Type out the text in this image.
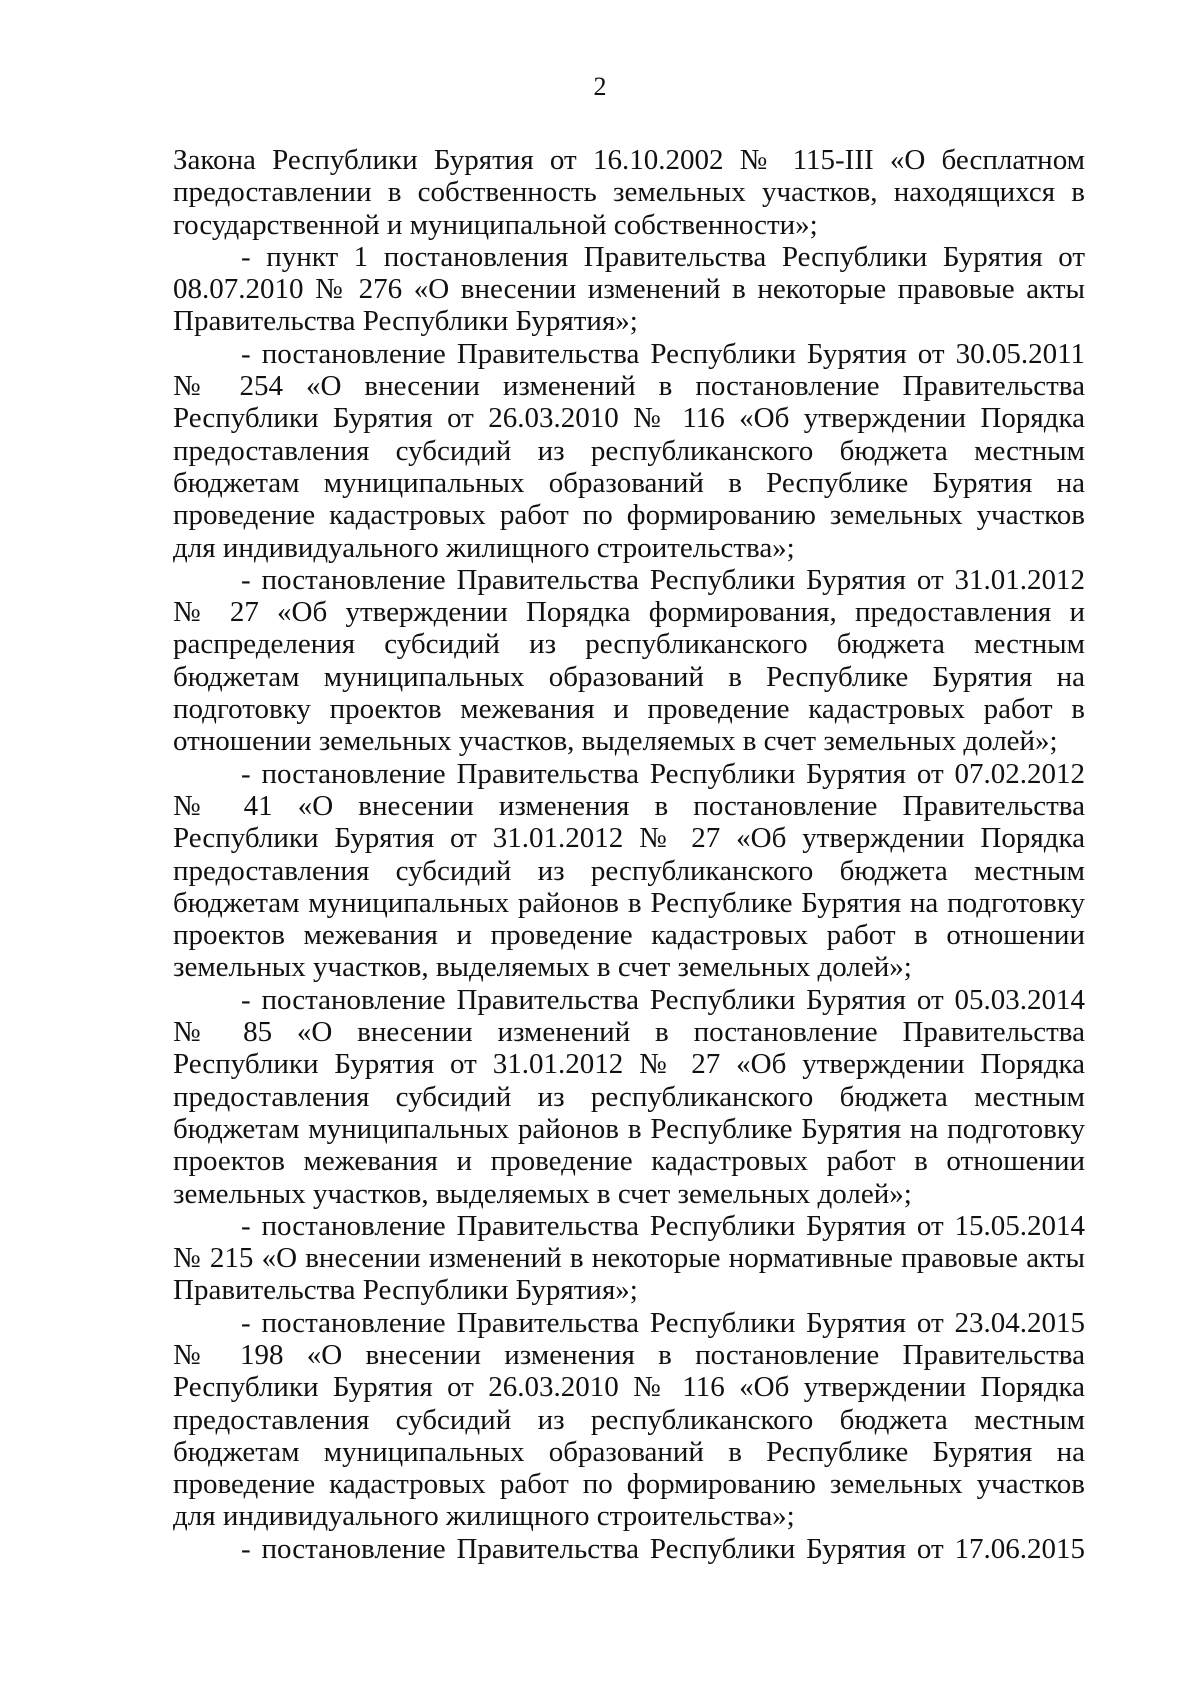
2

Закона Республики Бурятия от 16.10.2002 № 115-III «О бесплатном предоставлении в собственность земельных участков, находящихся в государственной и муниципальной собственности»;

- пункт 1 постановления Правительства Республики Бурятия от 08.07.2010 № 276 «О внесении изменений в некоторые правовые акты Правительства Республики Бурятия»;

- постановление Правительства Республики Бурятия от 30.05.2011 № 254 «О внесении изменений в постановление Правительства Республики Бурятия от 26.03.2010 № 116 «Об утверждении Порядка предоставления субсидий из республиканского бюджета местным бюджетам муниципальных образований в Республике Бурятия на проведение кадастровых работ по формированию земельных участков для индивидуального жилищного строительства»;

- постановление Правительства Республики Бурятия от 31.01.2012 № 27 «Об утверждении Порядка формирования, предоставления и распределения субсидий из республиканского бюджета местным бюджетам муниципальных образований в Республике Бурятия на подготовку проектов межевания и проведение кадастровых работ в отношении земельных участков, выделяемых в счет земельных долей»;

- постановление Правительства Республики Бурятия от 07.02.2012 № 41 «О внесении изменения в постановление Правительства Республики Бурятия от 31.01.2012 № 27 «Об утверждении Порядка предоставления субсидий из республиканского бюджета местным бюджетам муниципальных районов в Республике Бурятия на подготовку проектов межевания и проведение кадастровых работ в отношении земельных участков, выделяемых в счет земельных долей»;

- постановление Правительства Республики Бурятия от 05.03.2014 № 85 «О внесении изменений в постановление Правительства Республики Бурятия от 31.01.2012 № 27 «Об утверждении Порядка предоставления субсидий из республиканского бюджета местным бюджетам муниципальных районов в Республике Бурятия на подготовку проектов межевания и проведение кадастровых работ в отношении земельных участков, выделяемых в счет земельных долей»;

- постановление Правительства Республики Бурятия от 15.05.2014 № 215 «О внесении изменений в некоторые нормативные правовые акты Правительства Республики Бурятия»;

- постановление Правительства Республики Бурятия от 23.04.2015 № 198 «О внесении изменения в постановление Правительства Республики Бурятия от 26.03.2010 № 116 «Об утверждении Порядка предоставления субсидий из республиканского бюджета местным бюджетам муниципальных образований в Республике Бурятия на проведение кадастровых работ по формированию земельных участков для индивидуального жилищного строительства»;

- постановление Правительства Республики Бурятия от 17.06.2015
